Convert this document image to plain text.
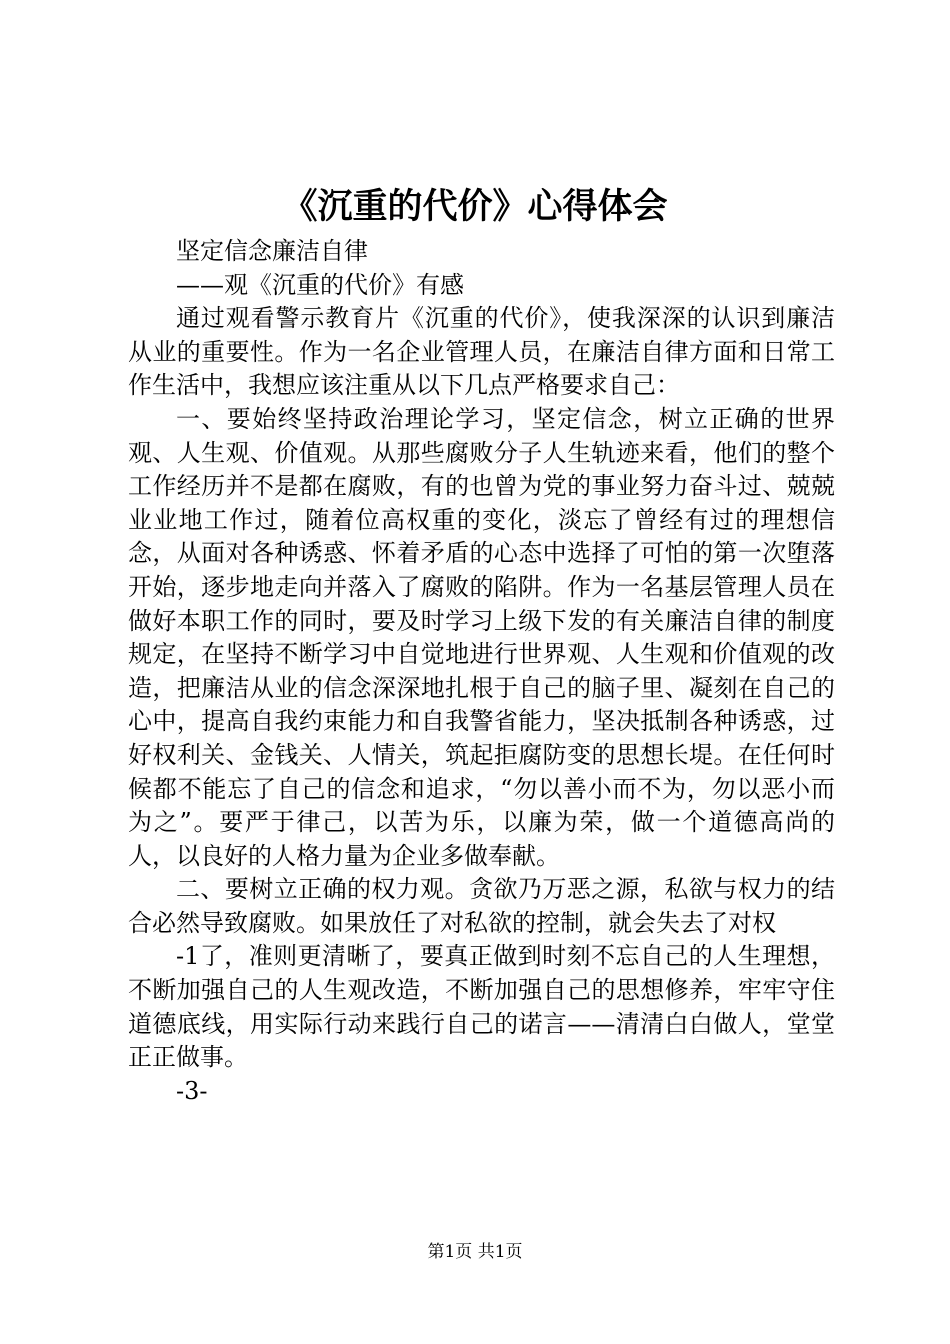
《沉重的代价》心得体会

坚定信念廉洁自律

——观《沉重的代价》有感

通过观看警示教育片《沉重的代价》，使我深深的认识到廉洁从业的重要性。作为一名企业管理人员，在廉洁自律方面和日常工作生活中，我想应该注重从以下几点严格要求自己：

一、要始终坚持政治理论学习，坚定信念，树立正确的世界观、人生观、价值观。从那些腐败分子人生轨迹来看，他们的整个工作经历并不是都在腐败，有的也曾为党的事业努力奋斗过、兢兢业业地工作过，随着位高权重的变化，淡忘了曾经有过的理想信念，从面对各种诱惑、怀着矛盾的心态中选择了可怕的第一次堕落开始，逐步地走向并落入了腐败的陷阱。作为一名基层管理人员在做好本职工作的同时，要及时学习上级下发的有关廉洁自律的制度规定，在坚持不断学习中自觉地进行世界观、人生观和价值观的改造，把廉洁从业的信念深深地扎根于自己的脑子里、凝刻在自己的心中，提高自我约束能力和自我警省能力，坚决抵制各种诱惑，过好权利关、金钱关、人情关，筑起拒腐防变的思想长堤。在任何时候都不能忘了自己的信念和追求，“勿以善小而不为，勿以恶小而为之”。要严于律己，以苦为乐，以廉为荣，做一个道德高尚的人，以良好的人格力量为企业多做奉献。

二、要树立正确的权力观。贪欲乃万恶之源，私欲与权力的结合必然导致腐败。如果放任了对私欲的控制，就会失去了对权

-1了，准则更清晰了，要真正做到时刻不忘自己的人生理想，不断加强自己的人生观改造，不断加强自己的思想修养，牢牢守住道德底线，用实际行动来践行自己的诺言——清清白白做人，堂堂正正做事。

-3-

第1页 共1页
